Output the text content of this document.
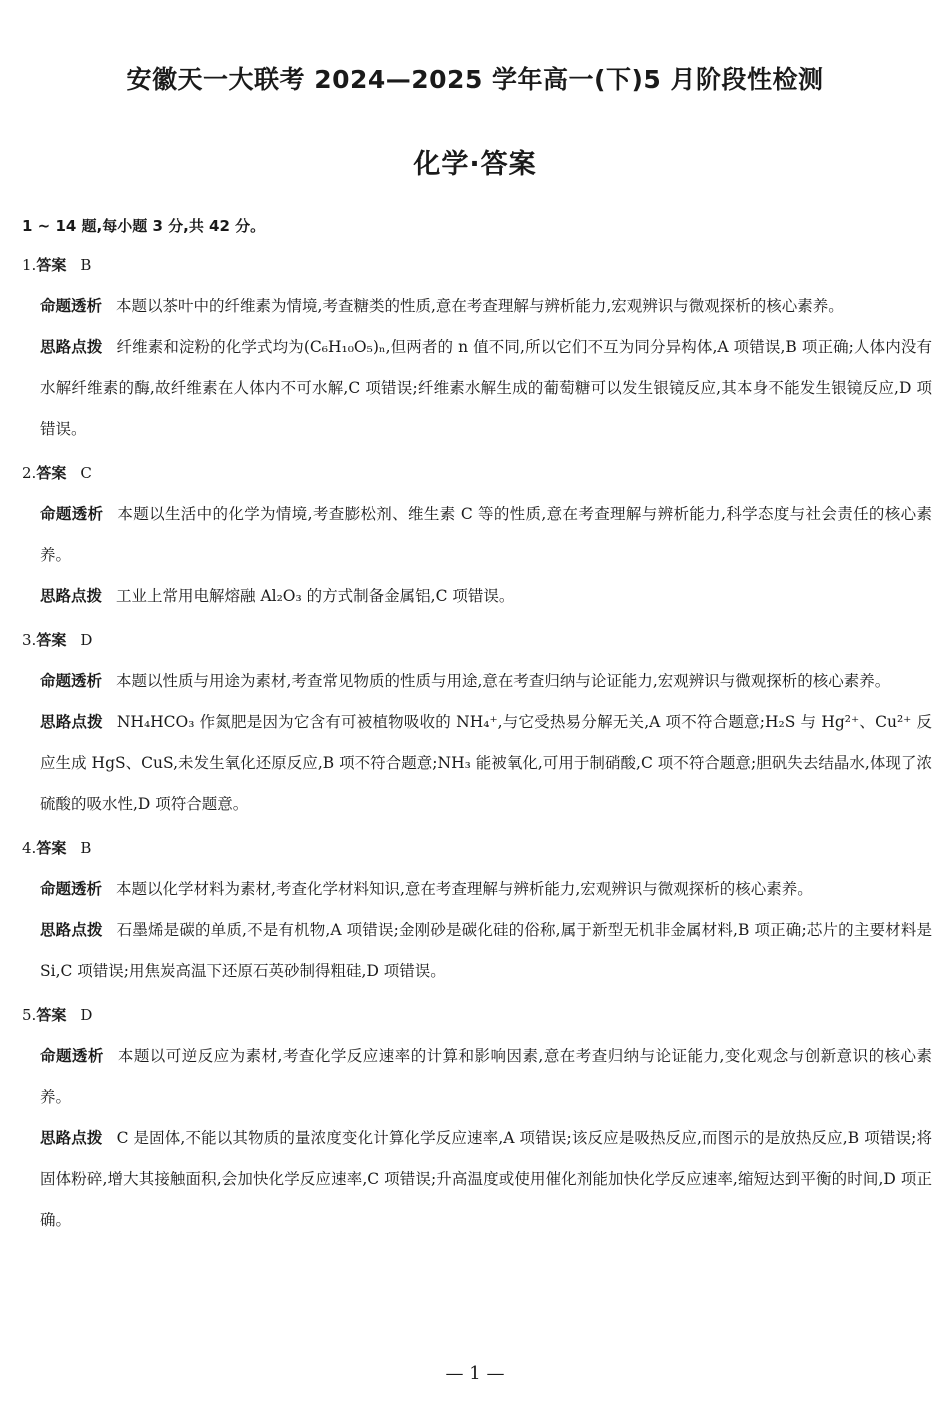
安徽天一大联考 2024—2025 学年高一(下)5 月阶段性检测
化学·答案
1 ~ 14 题,每小题 3 分,共 42 分。
1.答案 B
命题透析 本题以茶叶中的纤维素为情境,考查糖类的性质,意在考查理解与辨析能力,宏观辨识与微观探析的核心素养。
思路点拨 纤维素和淀粉的化学式均为(C₆H₁₀O₅)ₙ,但两者的 n 值不同,所以它们不互为同分异构体,A 项错误,B 项正确;人体内没有水解纤维素的酶,故纤维素在人体内不可水解,C 项错误;纤维素水解生成的葡萄糖可以发生银镜反应,其本身不能发生银镜反应,D 项错误。
2.答案 C
命题透析 本题以生活中的化学为情境,考查膨松剂、维生素 C 等的性质,意在考查理解与辨析能力,科学态度与社会责任的核心素养。
思路点拨 工业上常用电解熔融 Al₂O₃ 的方式制备金属铝,C 项错误。
3.答案 D
命题透析 本题以性质与用途为素材,考查常见物质的性质与用途,意在考查归纳与论证能力,宏观辨识与微观探析的核心素养。
思路点拨 NH₄HCO₃ 作氮肥是因为它含有可被植物吸收的 NH₄⁺,与它受热易分解无关,A 项不符合题意;H₂S 与 Hg²⁺、Cu²⁺ 反应生成 HgS、CuS,未发生氧化还原反应,B 项不符合题意;NH₃ 能被氧化,可用于制硝酸,C 项不符合题意;胆矾失去结晶水,体现了浓硫酸的吸水性,D 项符合题意。
4.答案 B
命题透析 本题以化学材料为素材,考查化学材料知识,意在考查理解与辨析能力,宏观辨识与微观探析的核心素养。
思路点拨 石墨烯是碳的单质,不是有机物,A 项错误;金刚砂是碳化硅的俗称,属于新型无机非金属材料,B 项正确;芯片的主要材料是 Si,C 项错误;用焦炭高温下还原石英砂制得粗硅,D 项错误。
5.答案 D
命题透析 本题以可逆反应为素材,考查化学反应速率的计算和影响因素,意在考查归纳与论证能力,变化观念与创新意识的核心素养。
思路点拨 C 是固体,不能以其物质的量浓度变化计算化学反应速率,A 项错误;该反应是吸热反应,而图示的是放热反应,B 项错误;将固体粉碎,增大其接触面积,会加快化学反应速率,C 项错误;升高温度或使用催化剂能加快化学反应速率,缩短达到平衡的时间,D 项正确。
— 1 —
